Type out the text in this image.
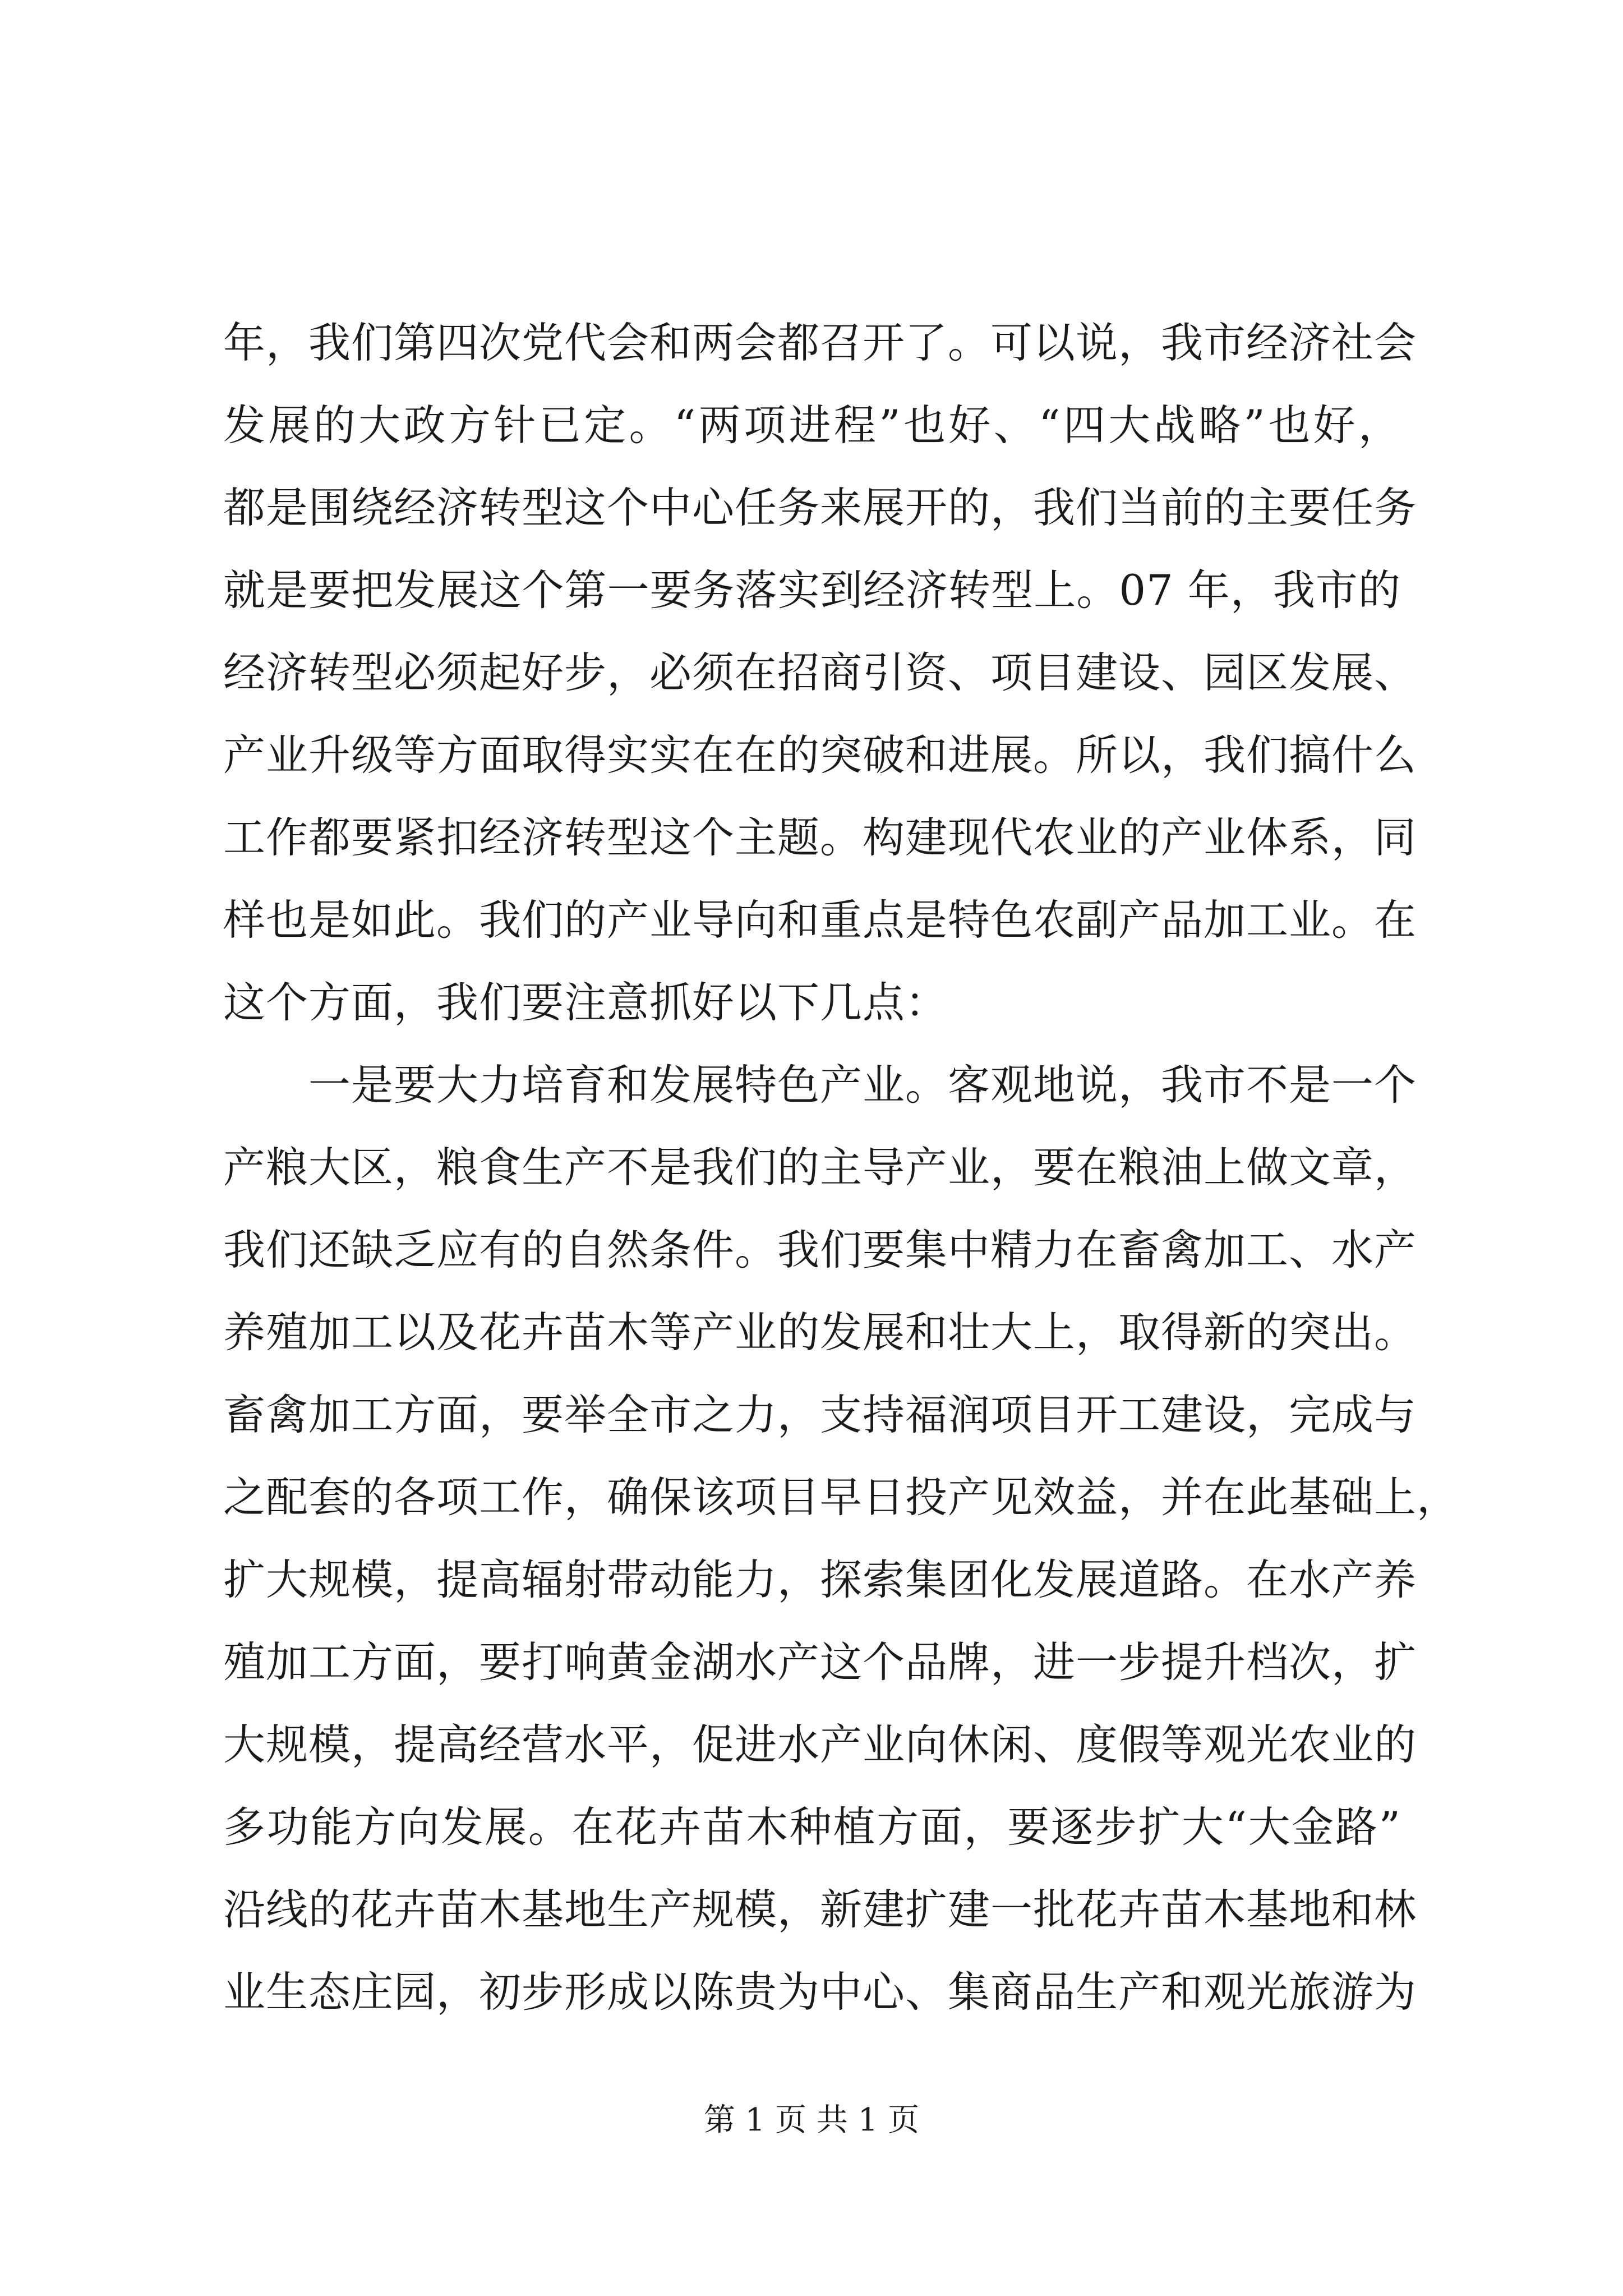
年，我们第四次党代会和两会都召开了。可以说，我市经济社会
发展的大政方针已定。“两项进程”也好、“四大战略”也好，
都是围绕经济转型这个中心任务来展开的，我们当前的主要任务
就是要把发展这个第一要务落实到经济转型上。07 年，我市的
经济转型必须起好步，必须在招商引资、项目建设、园区发展、
产业升级等方面取得实实在在的突破和进展。所以，我们搞什么
工作都要紧扣经济转型这个主题。构建现代农业的产业体系，同
样也是如此。我们的产业导向和重点是特色农副产品加工业。在
这个方面，我们要注意抓好以下几点：
一是要大力培育和发展特色产业。客观地说，我市不是一个
产粮大区，粮食生产不是我们的主导产业，要在粮油上做文章，
我们还缺乏应有的自然条件。我们要集中精力在畜禽加工、水产
养殖加工以及花卉苗木等产业的发展和壮大上，取得新的突出。
畜禽加工方面，要举全市之力，支持福润项目开工建设，完成与
之配套的各项工作，确保该项目早日投产见效益，并在此基础上，
扩大规模，提高辐射带动能力，探索集团化发展道路。在水产养
殖加工方面，要打响黄金湖水产这个品牌，进一步提升档次，扩
大规模，提高经营水平，促进水产业向休闲、度假等观光农业的
多功能方向发展。在花卉苗木种植方面，要逐步扩大“大金路”
沿线的花卉苗木基地生产规模，新建扩建一批花卉苗木基地和林
业生态庄园，初步形成以陈贵为中心、集商品生产和观光旅游为
第 1 页 共 1 页
